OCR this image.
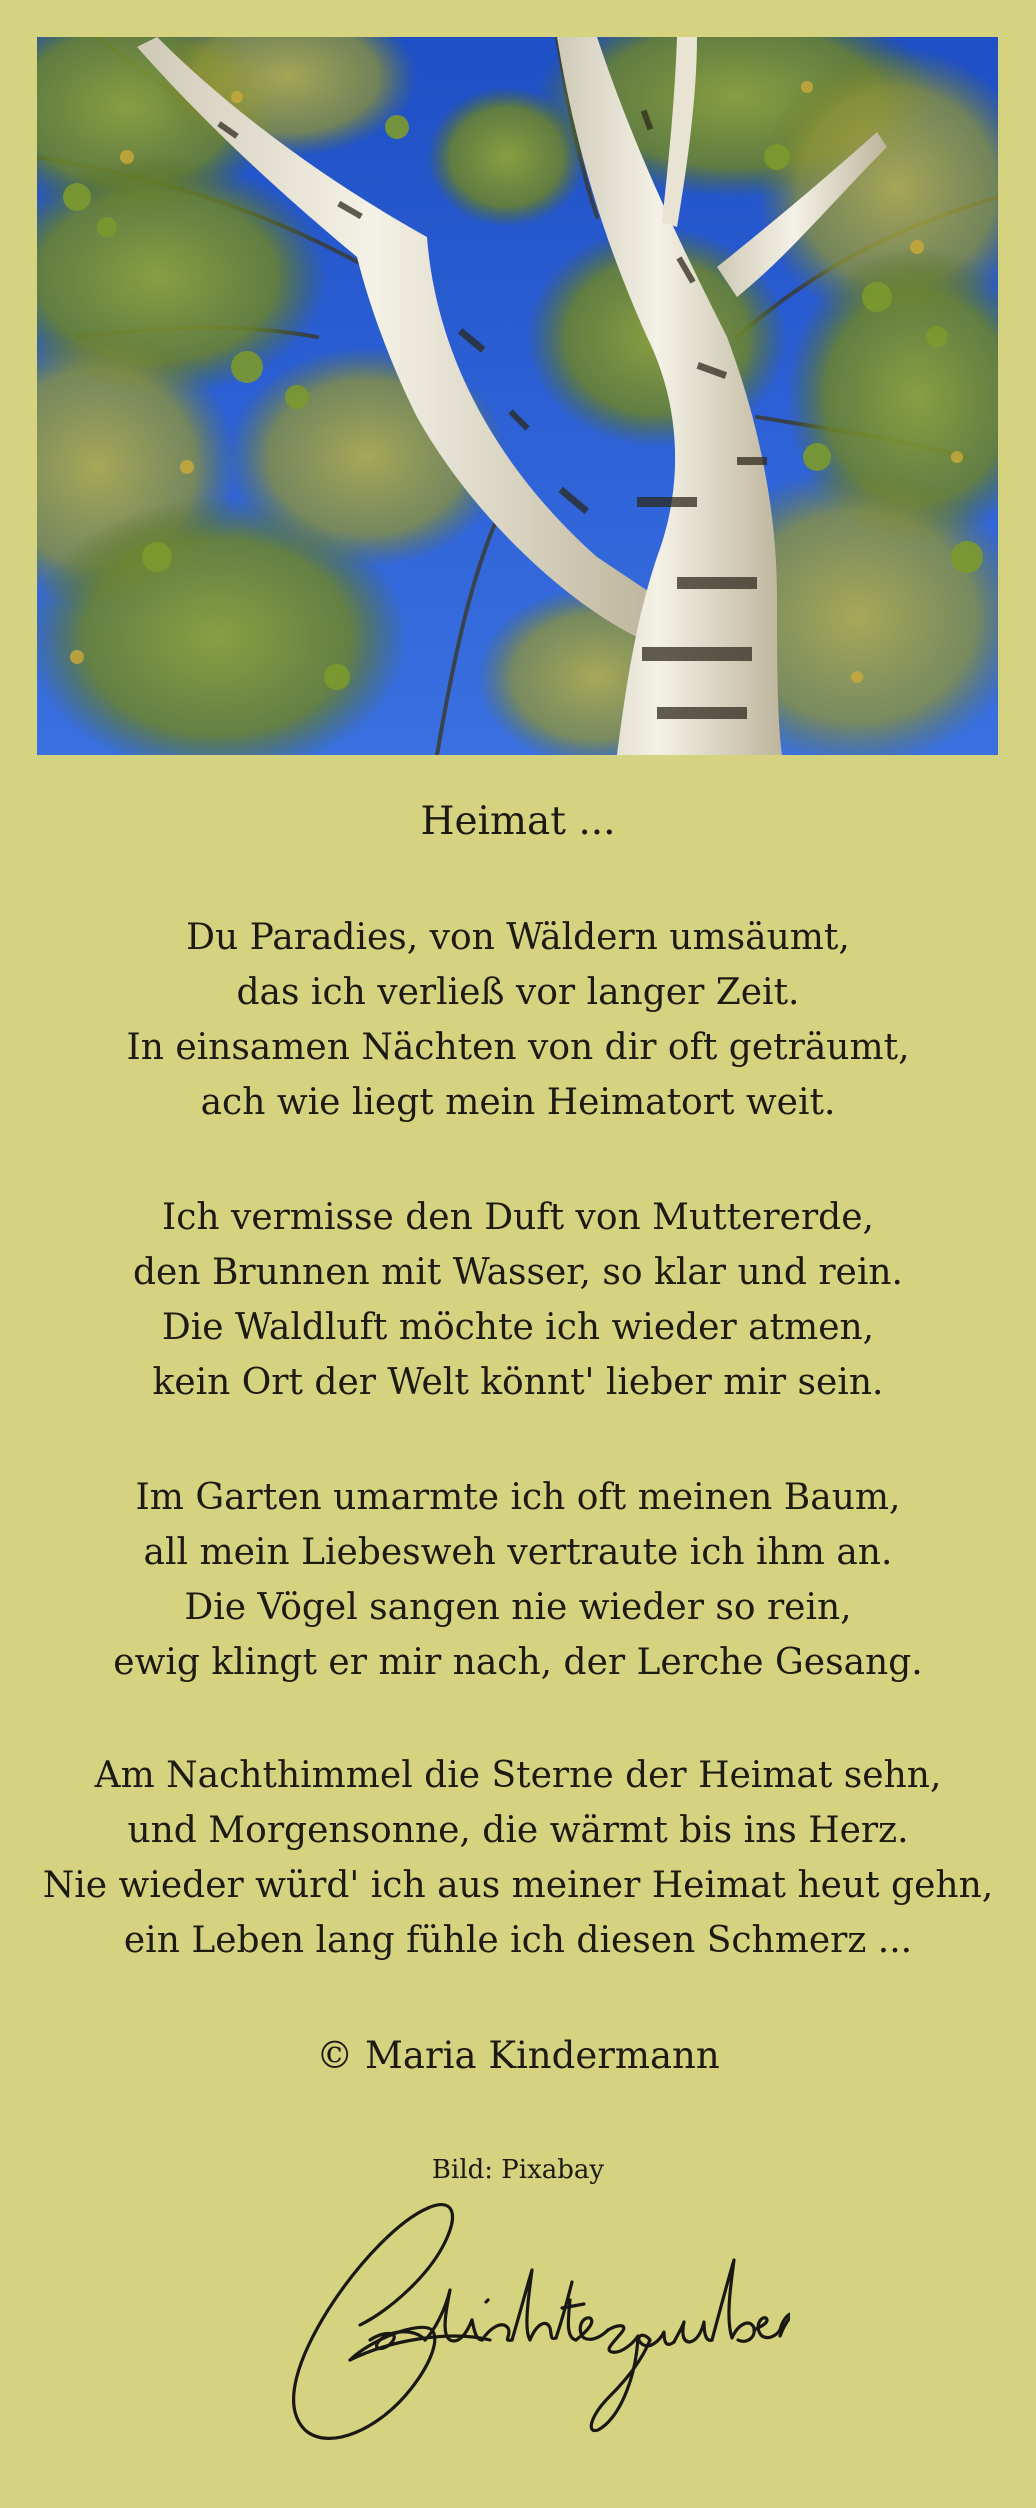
Heimat ...
Du Paradies, von Wäldern umsäumt,
das ich verließ vor langer Zeit.
In einsamen Nächten von dir oft geträumt,
ach wie liegt mein Heimatort weit.
Ich vermisse den Duft von Muttererde,
den Brunnen mit Wasser, so klar und rein.
Die Waldluft möchte ich wieder atmen,
kein Ort der Welt könnt' lieber mir sein.
Im Garten umarmte ich oft meinen Baum,
all mein Liebesweh vertraute ich ihm an.
Die Vögel sangen nie wieder so rein,
ewig klingt er mir nach, der Lerche Gesang.
Am Nachthimmel die Sterne der Heimat sehn,
und Morgensonne, die wärmt bis ins Herz.
Nie wieder würd' ich aus meiner Heimat heut gehn,
ein Leben lang fühle ich diesen Schmerz ...
© Maria Kindermann
Bild: Pixabay
